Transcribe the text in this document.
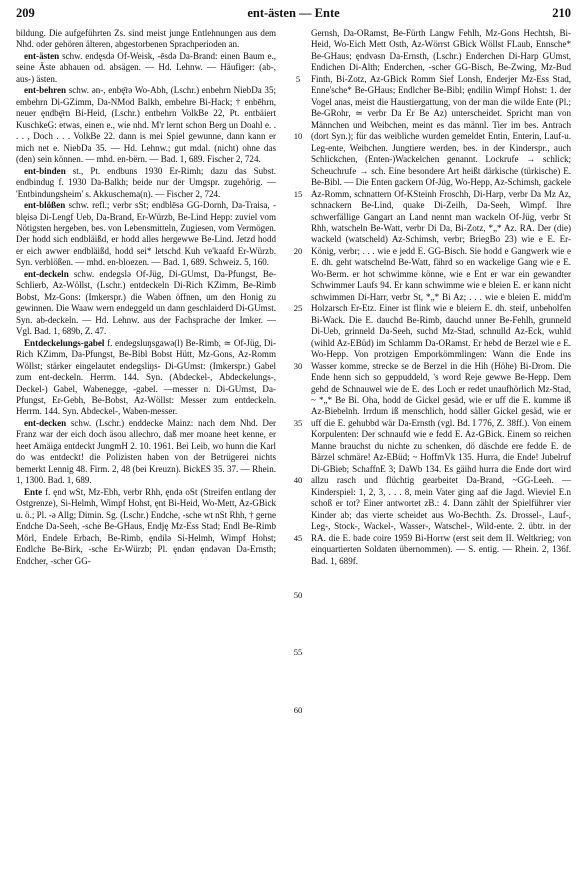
209	ent-ästen — Ente	210

bildung. Die aufgeführten Zs. sind meist junge Entlehnungen aus dem Nhd. oder gehören älteren, abgestorbenen Sprachperioden an.

ent-ästen schw. endęsdə Of-Weisk, -ēsdə Da-Brand: einen Baum e., seine Äste abhauen od. absägen. — Hd. Lehnw. — Häufiger: (ab-, aus-) ästen.

ent-behren schw. ən-, enbę̄rə Wo-Abh, (Lschr.) enbehrn NiebDa 35; embehrn Di-GZimm, Da-NMod Balkh, embehre Bi-Hack; † enbēhrn, neuer ęndbę̄rn Bi-Heid, (Lschr.) entbehrn VolkBe 22, Pt. entbäiert KuschkeG: etwas, einen e., wie nhd. M'r lernt schon Berg un Doahl e. . . . , Doch . . . VolkBe 22. dann is mei Spiel gewunne, dann kann er mich net e. NiebDa 35. — Hd. Lehnw.; gut mdal. (nicht) ohne das (den) sein können. — mhd. en-bërn. — Bad. 1, 689. Fischer 2, 724.

ent-binden st., Pt. endbuns 1930 Er-Rimh; dazu das Subst. endbindug f. 1930 Da-Balkh; beide nur der Umgspr. zugehörig. — 'Entbindungsheim' s. Akkuschema(n). — Fischer 2, 724.

ent-blößen schw. refl.; verbr sSt; endblēsə GG-Dornh, Da-Traisa, -blęisə Di-Lengf Ueb, Da-Brand, Er-Würzb, Be-Lind Hepp: zuviel vom Nötigsten hergeben, bes. von Lebensmitteln, Zugiesen, vom Vermögen. Der hodd sich endbläißd, er hodd alles hergewwe Be-Lind. Jetzd hodd er eich awwer endbläißd, hodd sei* letschd Kuh ve'kaafd Er-Würzb. Syn. verblößen. — mhd. en-bloezen. — Bad. 1, 689. Schweiz. 5, 160.

ent-deckeln schw. endegslə Of-Jüg, Di-GUmst, Da-Pfungst, Be-Schlierb, Az-Wöllst, (Lschr.) entdeckeln Di-Rich KZimm, Be-Rimb Bobst, Mz-Gons: (Imkerspr.) die Waben öffnen, um den Honig zu gewinnen. Die Waaw wern endeggeld un dann geschlaiderd Di-GUmst. Syn. ab-deckeln. — Hd. Lehnw. aus der Fachsprache der Imker. — Vgl. Bad. 1, 689b, Z. 47.

Entdeckelungs-gabel f. endegsluŋsgawə(l) Be-Rimb, ≃ Of-Jüg, Di-Rich KZimm, Da-Pfungst, Be-Bibl Bobst Hütt, Mz-Gons, Az-Romm Wöllst; stärker eingelautet endegsliŋs- Di-GUmst: (Imkerspr.) Gabel zum ent-deckeln. Herrm. 144. Syn. (Abdeckel-, Abdeckelungs-, Deckel-) Gabel, Wabenegge, -gabel. —messer n. Di-GUmst, Da-Pfungst, Er-Gebh, Be-Bobst, Az-Wöllst: Messer zum entdeckeln. Herrm. 144. Syn. Abdeckel-, Waben-messer.

ent-decken schw. (Lschr.) enddecke Mainz: nach dem Nhd. Der Franz war der eich doch äsou allechro, daß mer moane heet kenne, er heet Amäiga entdeckt JungmH 2. 10. 1961. Bei Leib, wo hunn die Karl do was entdeckt! die Polizisten haben von der Betrügerei nichts bemerkt Lennig 48. Firm. 2, 48 (bei Kreuzn). BickES 35. 37. — Rhein. 1, 1300. Bad. 1, 689.

Ente f. ęnd wSt, Mz-Ebh, verbr Rhh, ęndə oSt (Streifen entlang der Ostgrenze), Si-Helmh, Wimpf Hohst, ęnt Bi-Heid, Wo-Mett, Az-GBick u. ö.; Pl. -ə Allg; Dimin. Sg. (Lschr.) Endche, -sche wt nSt Rhh, † gerne Endche Da-Seeh, -sche Be-GHaus, Endję Mz-Ess Stad; Endl Be-Rimb Mörl, Endele Erbach, Be-Rimb, ęndilə Si-Helmh, Wimpf Hohst; Endlche Be-Birk, -sche Er-Würzb; Pl. ęndən ęndəvən Da-Ernsth; Endcher, -scher GG-

5
10
15
20
25
30
35
40
45
50
55
60

Gernsh, Da-ORamst, Be-Fürth Langw Fehlh, Mz-Gons Hechtsh, Bi-Heid, Wo-Eich Mett Osth, Az-Wörrst GBick Wöllst FLaub, Ennsche* Be-GHaus; ęndvəsn Da-Ernsth, (Lschr.) Enderchen Di-Harp GUmst, Endichen Di-Alth; Enderchen, -scher GG-Bisch, Be-Zwing, Mz-Bud Finth, Bi-Zotz, Az-GBick Romm Sief Lonsh, Enderjer Mz-Ess Stad, Enne'sche* Be-GHaus; Endlcher Be-Bibl; ęndilin Wimpf Hohst: 1. der Vogel anas, meist die Haustiergattung, von der man die wilde Ente (Pl.; Be-GRohr, ≃ verbr Da Er Be Az) unterscheidet. Spricht man von Männchen und Weibchen, meint es das männl. Tier im bes. Antrach (dort Syn.); für das weibliche wurden gemeldet Entin, Enterin, Lauf-u. Leg-ente, Weibchen. Jungtiere werden, bes. in der Kinderspr., auch Schlickchen, (Enten-)Wackelchen genannt. Lockrufe → schlick; Scheuchrufe → sch. Eine besondere Art heißt därkische (türkische) E. Be-Bibl. — Die Enten gackern Of-Jüg, Wo-Hepp, Az-Schimsh, gackele Az-Romm, schnattern Of-KSteinh Froschh, Di-Harp, verbr Da Mz Az, schnackern Be-Lind, quake Di-Zeilh, Da-Seeh, Wimpf. Ihre schwerfällige Gangart an Land nennt man wackeln Of-Jüg, verbr St Rhh, watscheln Be-Watt, verbr Di Da, Bi-Zotz, *„* Az. RA. Der (die) wackeld (watscheld) Az-Schimsh, verbr; BriegBo 23) wie e E. Er-König, verbr; . . . wie e jedd E. GG-Bisch. Sie hodd e Gangwerk wie e E. dh. geht watschelnd Be-Watt, fährd so en wackelige Gang wie e E. Wo-Berm. er hot schwimme könne, wie e Ent er war ein gewandter Schwimmer Laufs 94. Er kann schwimme wie e bleien E. er kann nicht schwimmen Di-Harr, verbr St, *„* Bi Az; . . . wie e bleien E. midd'm Holzarsch Er-Etz. Einer ist flink wie e bleiern E. dh. steif, unbeholfen Bi-Wack. Die E. dauchd Be-Rimb, dauchd unner Be-Fehlh, grunneld Di-Ueb, grinneld Da-Seeh, suchd Mz-Stad, schnulld Az-Eck, wuhld (wihld Az-EBüd) im Schlamm Da-ORamst. Er hebd de Berzel wie e E. Wo-Hepp. Von protzigen Emporkömmlingen: Wann die Ende ins Wasser komme, strecke se de Berzel in die Hih (Höhe) Bi-Drom. Die Ende henn sich so geppuddeld, 's word Reje gewwe Be-Hepp. Dem gehd de Schnauwel wie de E. des Loch er redet unaufhörlich Mz-Stad, ~ *„* Be Bi. Oha, hodd de Gickel gesäd, wie er uff die E. kumme iß Az-Biebelnh. Irrdum iß menschlich, hodd säller Gickel gesäd, wie er uff die E. gehubbd wär Da-Ernsth (vgl. Bd. I 776, Z. 38ff.). Von einem Korpulenten: Der schnaufd wie e fedd E. Az-GBick. Einem so reichen Manne brauchst du nichte zu schenken, dö däschde ere fedde E. de Bärzel schmäre! Az-EBüd; ~ HoffmVk 135. Hurra, die Ende! Jubelruf Di-GBieb; SchaffnE 3; DaWb 134. Es gäihd hurra die Ende dort wird allzu rasch und flüchtig gearbeitet Da-Brand, ~GG-Leeh. — Kinderspiel: 1, 2, 3, . . . 8, mein Vater ging aaf die Jagd. Wieviel E.n schoß er tot? Einer antwortet zB.: 4. Dann zählt der Spielführer vier Kinder ab; das vierte scheidet aus Wo-Bechth. Zs. Drossel-, Lauf-, Leg-, Stock-, Wackel-, Wasser-, Watschel-, Wild-ente. 2. übtr. in der RA. die E. bade coire 1959 Bi-Horrw (erst seit dem II. Weltkrieg; von einquartierten Soldaten übernommen). — S. entig. — Rhein. 2, 136f. Bad. 1, 689f.
